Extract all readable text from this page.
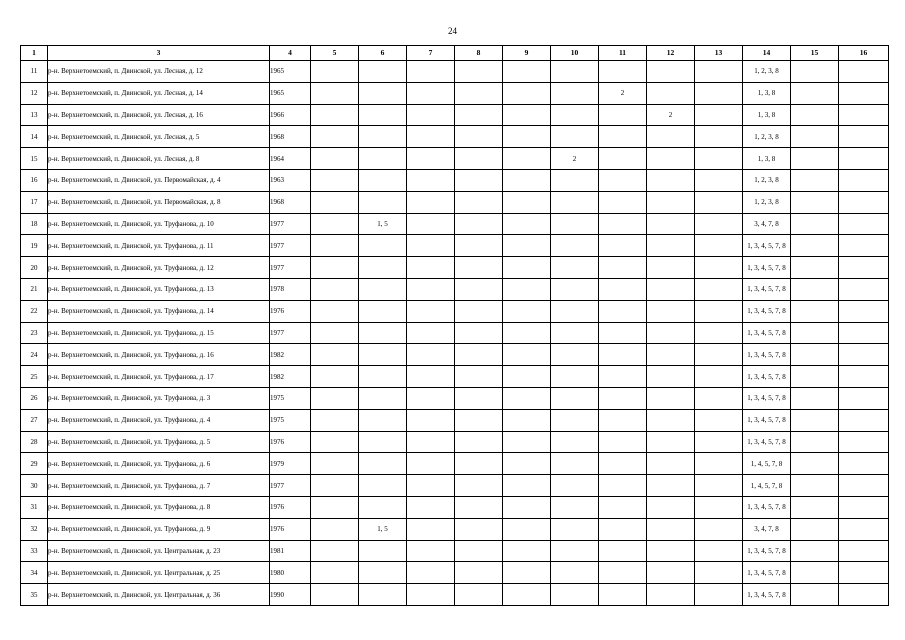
24
1	3	4	5	6	7	8	9	10	11	12	13	14	15	16
11	р-н. Верхнетоемский, п. Двинской, ул. Лесная, д. 12	1965										1, 2, 3, 8		
12	р-н. Верхнетоемский, п. Двинской, ул. Лесная, д. 14	1965							2			1, 3, 8		
13	р-н. Верхнетоемский, п. Двинской, ул. Лесная, д. 16	1966								2		1, 3, 8		
14	р-н. Верхнетоемский, п. Двинской, ул. Лесная, д. 5	1968										1, 2, 3, 8		
15	р-н. Верхнетоемский, п. Двинской, ул. Лесная, д. 8	1964						2				1, 3, 8		
16	р-н. Верхнетоемский, п. Двинской, ул. Первомайская, д. 4	1963										1, 2, 3, 8		
17	р-н. Верхнетоемский, п. Двинской, ул. Первомайская, д. 8	1968										1, 2, 3, 8		
18	р-н. Верхнетоемский, п. Двинской, ул. Труфанова, д. 10	1977		1, 5								3, 4, 7, 8		
19	р-н. Верхнетоемский, п. Двинской, ул. Труфанова, д. 11	1977										1, 3, 4, 5, 7, 8		
20	р-н. Верхнетоемский, п. Двинской, ул. Труфанова, д. 12	1977										1, 3, 4, 5, 7, 8		
21	р-н. Верхнетоемский, п. Двинской, ул. Труфанова, д. 13	1978										1, 3, 4, 5, 7, 8		
22	р-н. Верхнетоемский, п. Двинской, ул. Труфанова, д. 14	1976										1, 3, 4, 5, 7, 8		
23	р-н. Верхнетоемский, п. Двинской, ул. Труфанова, д. 15	1977										1, 3, 4, 5, 7, 8		
24	р-н. Верхнетоемский, п. Двинской, ул. Труфанова, д. 16	1982										1, 3, 4, 5, 7, 8		
25	р-н. Верхнетоемский, п. Двинской, ул. Труфанова, д. 17	1982										1, 3, 4, 5, 7, 8		
26	р-н. Верхнетоемский, п. Двинской, ул. Труфанова, д. 3	1975										1, 3, 4, 5, 7, 8		
27	р-н. Верхнетоемский, п. Двинской, ул. Труфанова, д. 4	1975										1, 3, 4, 5, 7, 8		
28	р-н. Верхнетоемский, п. Двинской, ул. Труфанова, д. 5	1976										1, 3, 4, 5, 7, 8		
29	р-н. Верхнетоемский, п. Двинской, ул. Труфанова, д. 6	1979										1, 4, 5, 7, 8		
30	р-н. Верхнетоемский, п. Двинской, ул. Труфанова, д. 7	1977										1, 4, 5, 7, 8		
31	р-н. Верхнетоемский, п. Двинской, ул. Труфанова, д. 8	1976										1, 3, 4, 5, 7, 8		
32	р-н. Верхнетоемский, п. Двинской, ул. Труфанова, д. 9	1976		1, 5								3, 4, 7, 8		
33	р-н. Верхнетоемский, п. Двинской, ул. Центральная, д. 23	1981										1, 3, 4, 5, 7, 8		
34	р-н. Верхнетоемский, п. Двинской, ул. Центральная, д. 25	1980										1, 3, 4, 5, 7, 8		
35	р-н. Верхнетоемский, п. Двинской, ул. Центральная, д. 36	1990										1, 3, 4, 5, 7, 8		
